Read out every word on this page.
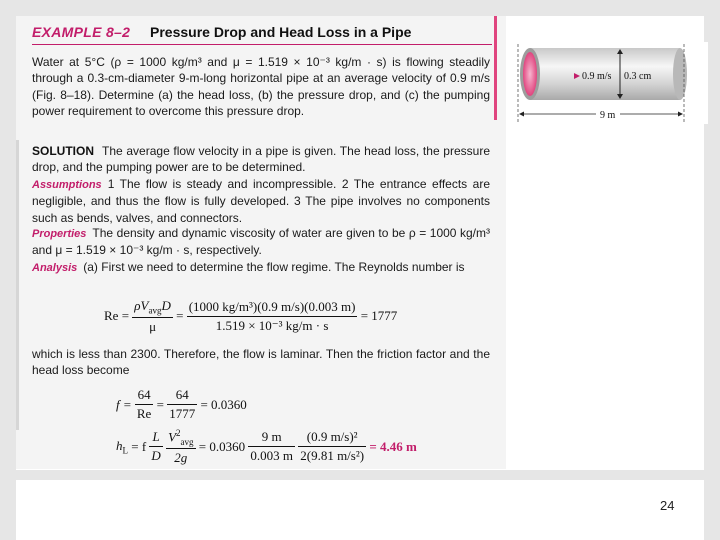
EXAMPLE 8–2 Pressure Drop and Head Loss in a Pipe
Water at 5°C (ρ = 1000 kg/m³ and μ = 1.519 × 10⁻³ kg/m · s) is flowing steadily through a 0.3-cm-diameter 9-m-long horizontal pipe at an average velocity of 0.9 m/s (Fig. 8–18). Determine (a) the head loss, (b) the pressure drop, and (c) the pumping power requirement to overcome this pressure drop.
SOLUTION The average flow velocity in a pipe is given. The head loss, the pressure drop, and the pumping power are to be determined.
Assumptions 1 The flow is steady and incompressible. 2 The entrance effects are negligible, and thus the flow is fully developed. 3 The pipe involves no components such as bends, valves, and connectors.
Properties The density and dynamic viscosity of water are given to be ρ = 1000 kg/m³ and μ = 1.519 × 10⁻³ kg/m · s, respectively.
Analysis (a) First we need to determine the flow regime. The Reynolds number is
$Re = \frac{\rho V_{avg}D}{\mu} = \frac{\text{(1000 kg/m³)(0.9 m/s)(0.003 m)}}{\text{1.519 × 10⁻³ kg/m · s}} = 1777$
which is less than 2300. Therefore, the flow is laminar. Then the friction factor and the head loss become
$f = \frac{64}{Re} = \frac{64}{1777} = 0.0360$
$h_L = f \frac{L}{D}$
$\frac{V^2_{avg}}{2g} = 0.0360 \frac{9 m}{0.003 m}$
$\frac{\text{(0.9 m/s)²}}{\text{2(9.81 m/s²)}} = 4.46$ m
0.9 m/s 0.3 cm
9 m
24
